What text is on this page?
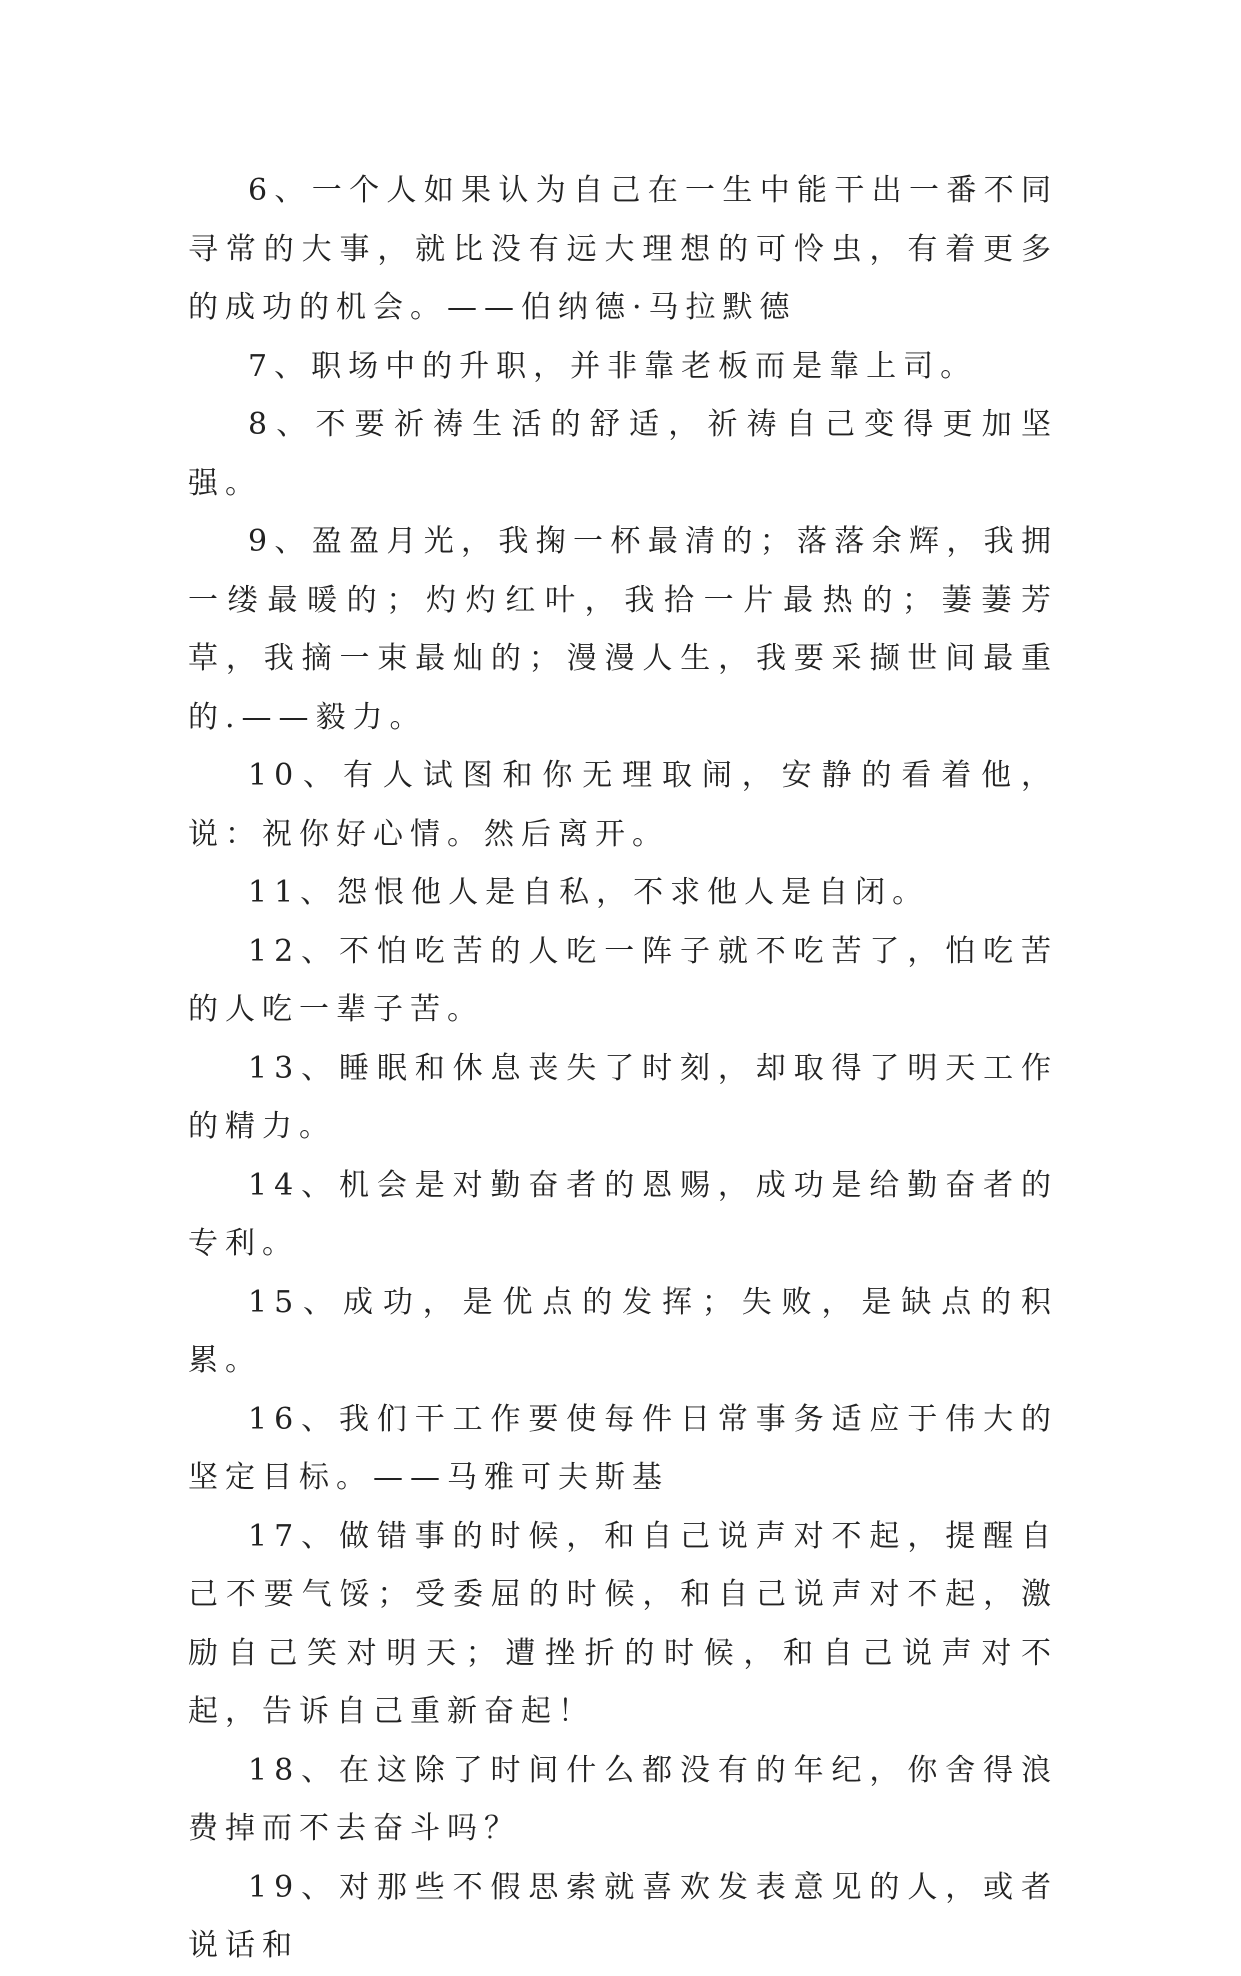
6、一个人如果认为自己在一生中能干出一番不同寻常的大事，就比没有远大理想的可怜虫，有着更多的成功的机会。——伯纳德·马拉默德

7、职场中的升职，并非靠老板而是靠上司。

8、不要祈祷生活的舒适，祈祷自己变得更加坚强。

9、盈盈月光，我掬一杯最清的；落落余辉，我拥一缕最暖的；灼灼红叶，我拾一片最热的；萋萋芳草，我摘一束最灿的；漫漫人生，我要采撷世间最重的.——毅力。

10、有人试图和你无理取闹，安静的看着他，说：祝你好心情。然后离开。

11、怨恨他人是自私，不求他人是自闭。

12、不怕吃苦的人吃一阵子就不吃苦了，怕吃苦的人吃一辈子苦。

13、睡眠和休息丧失了时刻，却取得了明天工作的精力。

14、机会是对勤奋者的恩赐，成功是给勤奋者的专利。

15、成功，是优点的发挥；失败，是缺点的积累。

16、我们干工作要使每件日常事务适应于伟大的坚定目标。——马雅可夫斯基

17、做错事的时候，和自己说声对不起，提醒自己不要气馁；受委屈的时候，和自己说声对不起，激励自己笑对明天；遭挫折的时候，和自己说声对不起，告诉自己重新奋起！

18、在这除了时间什么都没有的年纪，你舍得浪费掉而不去奋斗吗？

19、对那些不假思索就喜欢发表意见的人，或者说话和
